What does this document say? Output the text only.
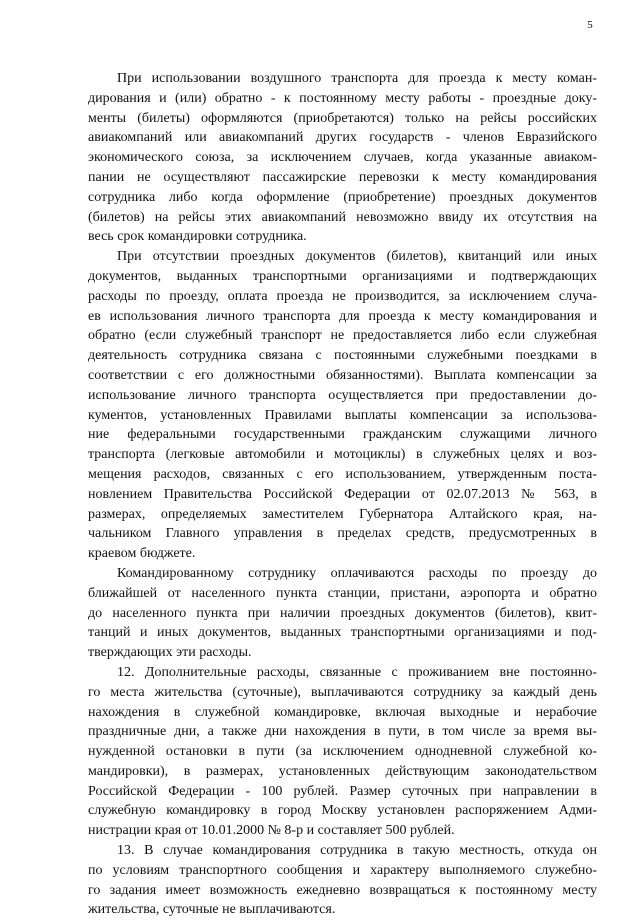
5
При использовании воздушного транспорта для проезда к месту коман-
дирования и (или) обратно - к постоянному месту работы - проездные доку-
менты (билеты) оформляются (приобретаются) только на рейсы российских
авиакомпаний или авиакомпаний других государств - членов Евразийского
экономического союза, за исключением случаев, когда указанные авиаком-
пании не осуществляют пассажирские перевозки к месту командирования
сотрудника либо когда оформление (приобретение) проездных документов
(билетов) на рейсы этих авиакомпаний невозможно ввиду их отсутствия на
весь срок командировки сотрудника.
При отсутствии проездных документов (билетов), квитанций или иных
документов, выданных транспортными организациями и подтверждающих
расходы по проезду, оплата проезда не производится, за исключением случа-
ев использования личного транспорта для проезда к месту командирования и
обратно (если служебный транспорт не предоставляется либо если служебная
деятельность сотрудника связана с постоянными служебными поездками в
соответствии с его должностными обязанностями). Выплата компенсации за
использование личного транспорта осуществляется при предоставлении до-
кументов, установленных Правилами выплаты компенсации за использова-
ние федеральными государственными гражданским служащими личного
транспорта (легковые автомобили и мотоциклы) в служебных целях и воз-
мещения расходов, связанных с его использованием, утвержденным поста-
новлением Правительства Российской Федерации от 02.07.2013 № 563, в
размерах, определяемых заместителем Губернатора Алтайского края, на-
чальником Главного управления в пределах средств, предусмотренных в
краевом бюджете.
Командированному сотруднику оплачиваются расходы по проезду до
ближайшей от населенного пункта станции, пристани, аэропорта и обратно
до населенного пункта при наличии проездных документов (билетов), квит-
танций и иных документов, выданных транспортными организациями и под-
тверждающих эти расходы.
12. Дополнительные расходы, связанные с проживанием вне постоянно-
го места жительства (суточные), выплачиваются сотруднику за каждый день
нахождения в служебной командировке, включая выходные и нерабочие
праздничные дни, а также дни нахождения в пути, в том числе за время вы-
нужденной остановки в пути (за исключением однодневной служебной ко-
мандировки), в размерах, установленных действующим законодательством
Российской Федерации - 100 рублей. Размер суточных при направлении в
служебную командировку в город Москву установлен распоряжением Адми-
нистрации края от 10.01.2000 № 8-р и составляет 500 рублей.
13. В случае командирования сотрудника в такую местность, откуда он
по условиям транспортного сообщения и характеру выполняемого служебно-
го задания имеет возможность ежедневно возвращаться к постоянному месту
жительства, суточные не выплачиваются.
